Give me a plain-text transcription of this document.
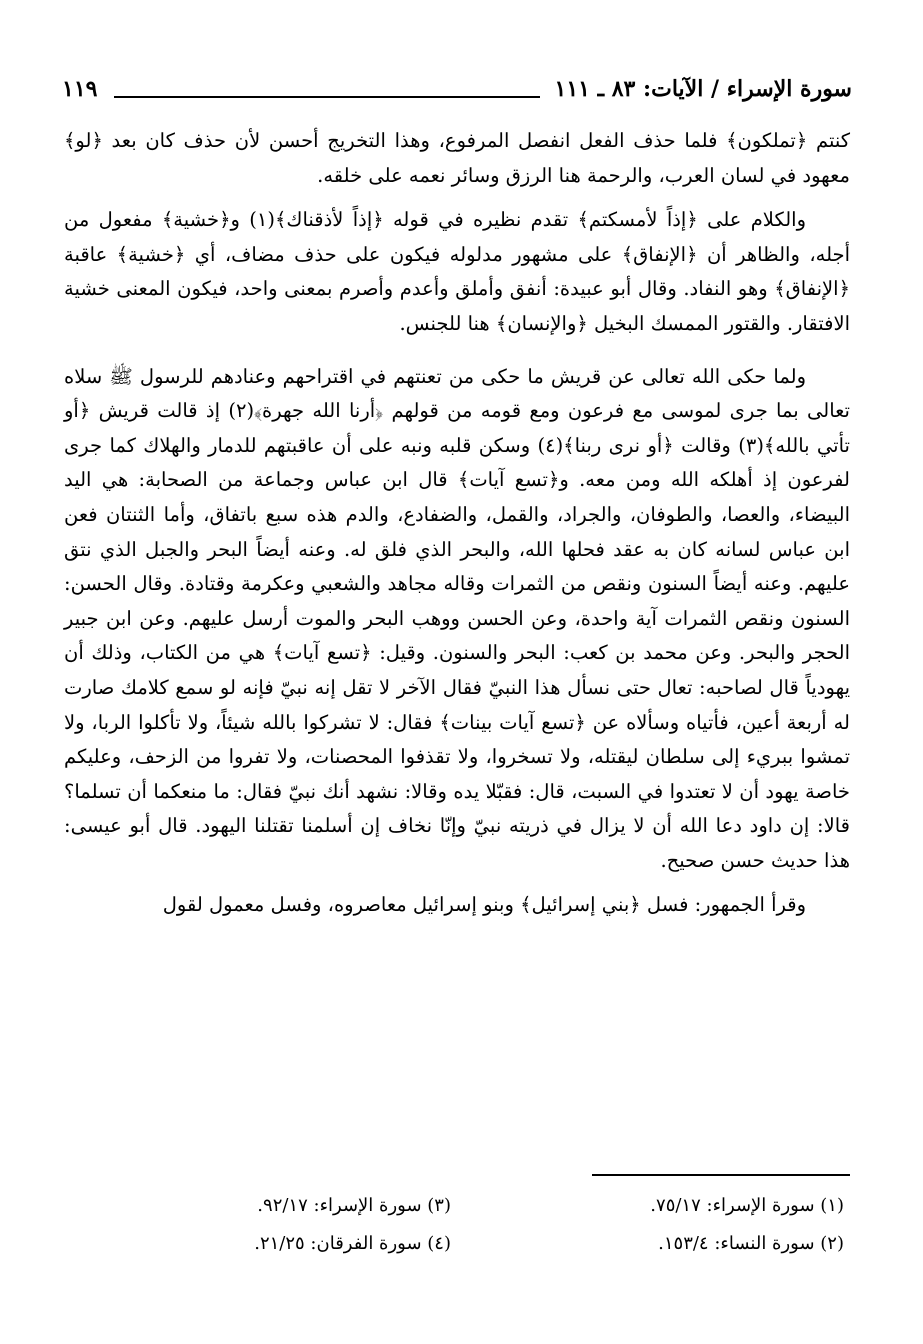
سورة الإسراء / الآيات: ٨٣ ـ ١١١
١١٩

كنتم ﴿تملكون﴾ فلما حذف الفعل انفصل المرفوع، وهذا التخريج أحسن لأن حذف كان بعد ﴿لو﴾ معهود في لسان العرب، والرحمة هنا الرزق وسائر نعمه على خلقه.

والكلام على ﴿إذاً لأمسكتم﴾ تقدم نظيره في قوله ﴿إذاً لأذقناك﴾(١) و﴿خشية﴾ مفعول من أجله، والظاهر أن ﴿الإنفاق﴾ على مشهور مدلوله فيكون على حذف مضاف، أي ﴿خشية﴾ عاقبة ﴿الإنفاق﴾ وهو النفاد. وقال أبو عبيدة: أنفق وأملق وأعدم وأصرم بمعنى واحد، فيكون المعنى خشية الافتقار. والقتور الممسك البخيل ﴿والإنسان﴾ هنا للجنس.

ولما حكى الله تعالى عن قريش ما حكى من تعنتهم في اقتراحهم وعنادهم للرسول ﷺ سلاه تعالى بما جرى لموسى مع فرعون ومع قومه من قولهم ﴿أرنا الله جهرة﴾(٢) إذ قالت قريش ﴿أو تأتي بالله﴾(٣) وقالت ﴿أو نرى ربنا﴾(٤) وسكن قلبه ونبه على أن عاقبتهم للدمار والهلاك كما جرى لفرعون إذ أهلكه الله ومن معه. و﴿تسع آيات﴾ قال ابن عباس وجماعة من الصحابة: هي اليد البيضاء، والعصا، والطوفان، والجراد، والقمل، والضفادع، والدم هذه سبع باتفاق، وأما الثنتان فعن ابن عباس لسانه كان به عقد فحلها الله، والبحر الذي فلق له. وعنه أيضاً البحر والجبل الذي نتق عليهم. وعنه أيضاً السنون ونقص من الثمرات وقاله مجاهد والشعبي وعكرمة وقتادة. وقال الحسن: السنون ونقص الثمرات آية واحدة، وعن الحسن ووهب البحر والموت أرسل عليهم. وعن ابن جبير الحجر والبحر. وعن محمد بن كعب: البحر والسنون. وقيل: ﴿تسع آيات﴾ هي من الكتاب، وذلك أن يهودياً قال لصاحبه: تعال حتى نسأل هذا النبيّ فقال الآخر لا تقل إنه نبيّ فإنه لو سمع كلامك صارت له أربعة أعين، فأتياه وسألاه عن ﴿تسع آيات بينات﴾ فقال: لا تشركوا بالله شيئاً، ولا تأكلوا الربا، ولا تمشوا ببريء إلى سلطان ليقتله، ولا تسخروا، ولا تقذفوا المحصنات، ولا تفروا من الزحف، وعليكم خاصة يهود أن لا تعتدوا في السبت، قال: فقبّلا يده وقالا: نشهد أنك نبيّ فقال: ما منعكما أن تسلما؟ قالا: إن داود دعا الله أن لا يزال في ذريته نبيّ وإنّا نخاف إن أسلمنا تقتلنا اليهود. قال أبو عيسى: هذا حديث حسن صحيح.

وقرأ الجمهور: فسل ﴿بني إسرائيل﴾ وبنو إسرائيل معاصروه، وفسل معمول لقول

(١) سورة الإسراء: ٧٥/١٧.
(٣) سورة الإسراء: ٩٢/١٧.
(٢) سورة النساء: ١٥٣/٤.
(٤) سورة الفرقان: ٢١/٢٥.
